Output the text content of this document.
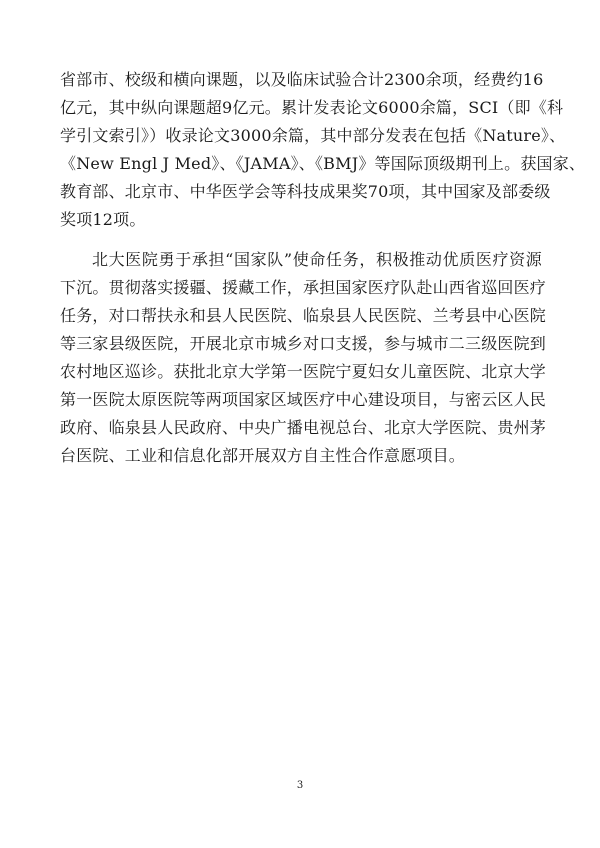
省部市、校级和横向课题，以及临床试验合计2300余项，经费约16
亿元，其中纵向课题超9亿元。累计发表论文6000余篇，SCI（即《科
学引文索引》）收录论文3000余篇，其中部分发表在包括《Nature》、
《New Engl J Med》、《JAMA》、《BMJ》等国际顶级期刊上。获国家、
教育部、北京市、中华医学会等科技成果奖70项，其中国家及部委级
奖项12项。
北大医院勇于承担“国家队”使命任务，积极推动优质医疗资源
下沉。贯彻落实援疆、援藏工作，承担国家医疗队赴山西省巡回医疗
任务，对口帮扶永和县人民医院、临泉县人民医院、兰考县中心医院
等三家县级医院，开展北京市城乡对口支援，参与城市二三级医院到
农村地区巡诊。获批北京大学第一医院宁夏妇女儿童医院、北京大学
第一医院太原医院等两项国家区域医疗中心建设项目，与密云区人民
政府、临泉县人民政府、中央广播电视总台、北京大学医院、贵州茅
台医院、工业和信息化部开展双方自主性合作意愿项目。
3
